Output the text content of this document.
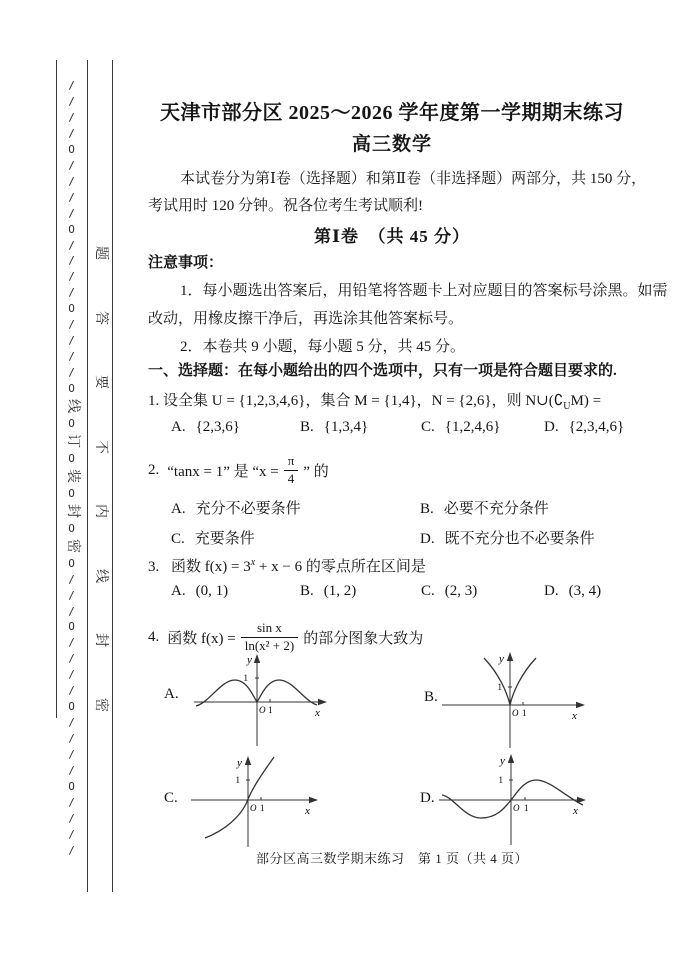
/
/
/
/
O
/
/
/
/
O
/
/
/
/
O
/
/
/
/
O
线
O
订
O
装
O
封
O
密
O
/
/
/
O
/
/
/
/
O
/
/
/
/
O
/
/
/
/
题
答
要
不
内
线
封
密
天津市部分区 2025～2026 学年度第一学期期末练习
高三数学
本试卷分为第Ⅰ卷（选择题）和第Ⅱ卷（非选择题）两部分，共 150 分，
考试用时 120 分钟。祝各位考生考试顺利!
第Ⅰ卷　（共 45 分）
注意事项：
1．每小题选出答案后，用铅笔将答题卡上对应题目的答案标号涂黑。如需
改动，用橡皮擦干净后，再选涂其他答案标号。
2．本卷共 9 小题，每小题 5 分，共 45 分。
一、选择题：在每小题给出的四个选项中，只有一项是符合题目要求的.
1. 设全集 U = {1,2,3,4,6}，集合 M = {1,4}，N = {2,6}，则 $N\cup(∁_UM)$ =
A. {2,3,6}	B. {1,3,4}	C. {1,2,4,6}	D. {2,3,4,6}
2. “tanx = 1” 是 “$x = \frac{\pi}{4}$ ” 的
A. 充分不必要条件	B. 必要不充分条件
C. 充要条件	D. 既不充分也不必要条件
3. 函数 $f(x) = 3^x + x - 6$ 的零点所在区间是
A. (0, 1)	B. (1, 2)	C. (2, 3)	D. (3, 4)
4. 函数 $f(x) = \frac{\text{sin x}}{\text{ln(x² + 2)}}$ 的部分图象大致为
A.
y
x
O 1
1
B.
y
x
O 1
1
C.
y
x
O 1
1
D.
y
x
O 1
1
部分区高三数学期末练习　第 1 页（共 4 页）
